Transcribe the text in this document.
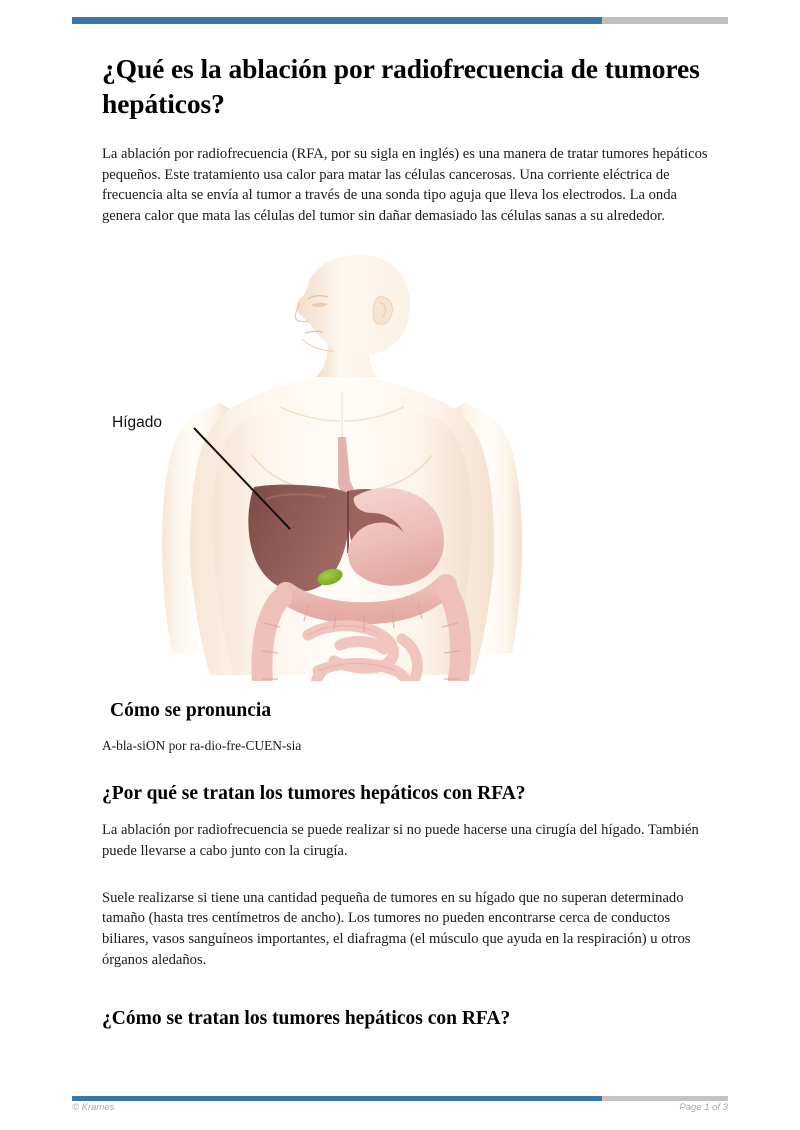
¿Qué es la ablación por radiofrecuencia de tumores hepáticos?

La ablación por radiofrecuencia (RFA, por su sigla en inglés) es una manera de tratar tumores hepáticos pequeños. Este tratamiento usa calor para matar las células cancerosas. Una corriente eléctrica de frecuencia alta se envía al tumor a través de una sonda tipo aguja que lleva los electrodos. La onda genera calor que mata las células del tumor sin dañar demasiado las células sanas a su alrededor.

Hígado
Cómo se pronuncia

A-bla-siON por ra-dio-fre-CUEN-sia

¿Por qué se tratan los tumores hepáticos con RFA?

La ablación por radiofrecuencia se puede realizar si no puede hacerse una cirugía del hígado. También puede llevarse a cabo junto con la cirugía.

Suele realizarse si tiene una cantidad pequeña de tumores en su hígado que no superan determinado tamaño (hasta tres centímetros de ancho). Los tumores no pueden encontrarse cerca de conductos biliares, vasos sanguíneos importantes, el diafragma (el músculo que ayuda en la respiración) u otros órganos aledaños.

¿Cómo se tratan los tumores hepáticos con RFA?
© Krames	Page 1 of 3
